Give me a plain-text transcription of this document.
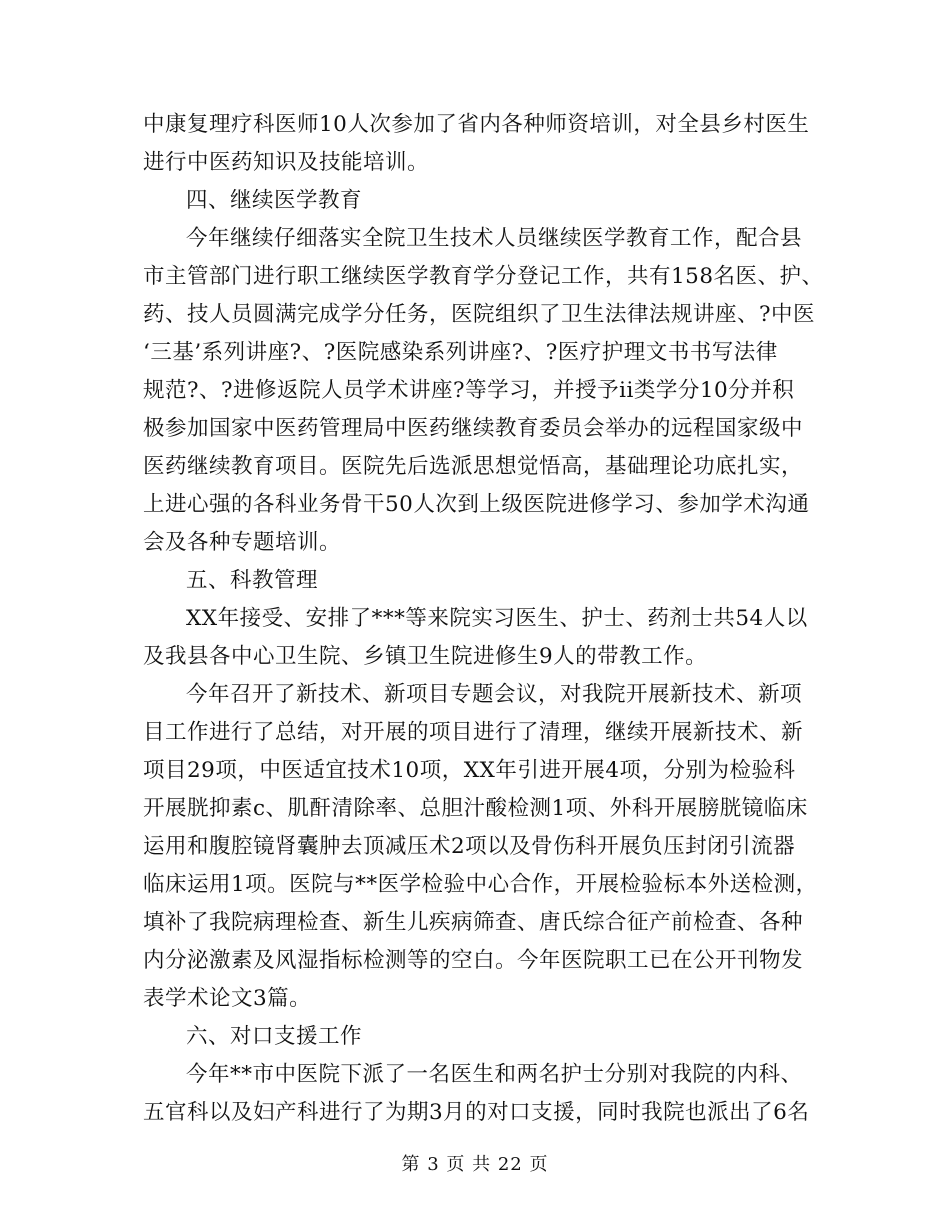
中康复理疗科医师10人次参加了省内各种师资培训，对全县乡村医生
进行中医药知识及技能培训。
四、继续医学教育
今年继续仔细落实全院卫生技术人员继续医学教育工作，配合县
市主管部门进行职工继续医学教育学分登记工作，共有158名医、护、
药、技人员圆满完成学分任务，医院组织了卫生法律法规讲座、?中医
‘三基’系列讲座?、?医院感染系列讲座?、?医疗护理文书书写法律
规范?、?进修返院人员学术讲座?等学习，并授予ii类学分10分并积
极参加国家中医药管理局中医药继续教育委员会举办的远程国家级中
医药继续教育项目。医院先后选派思想觉悟高，基础理论功底扎实，
上进心强的各科业务骨干50人次到上级医院进修学习、参加学术沟通
会及各种专题培训。
五、科教管理
XX年接受、安排了***等来院实习医生、护士、药剂士共54人以
及我县各中心卫生院、乡镇卫生院进修生9人的带教工作。
今年召开了新技术、新项目专题会议，对我院开展新技术、新项
目工作进行了总结，对开展的项目进行了清理，继续开展新技术、新
项目29项，中医适宜技术10项，XX年引进开展4项，分别为检验科
开展胱抑素c、肌酐清除率、总胆汁酸检测1项、外科开展膀胱镜临床
运用和腹腔镜肾囊肿去顶减压术2项以及骨伤科开展负压封闭引流器
临床运用1项。医院与**医学检验中心合作，开展检验标本外送检测，
填补了我院病理检查、新生儿疾病筛查、唐氏综合征产前检查、各种
内分泌激素及风湿指标检测等的空白。今年医院职工已在公开刊物发
表学术论文3篇。
六、对口支援工作
今年**市中医院下派了一名医生和两名护士分别对我院的内科、
五官科以及妇产科进行了为期3月的对口支援，同时我院也派出了6名
第 3 页 共 22 页
